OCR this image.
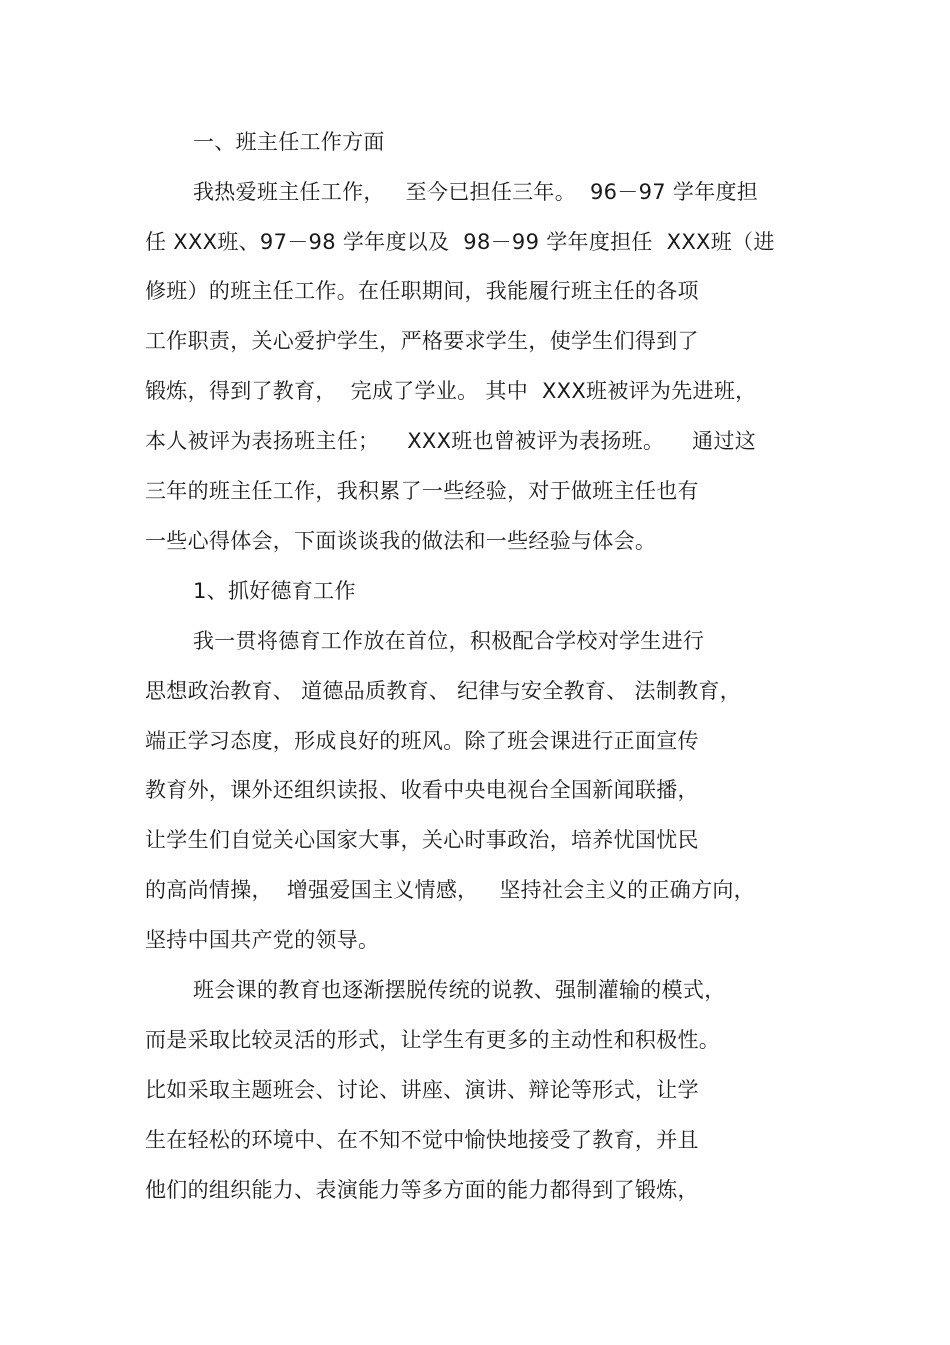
一、班主任工作方面
我热爱班主任工作，   至今已担任三年。  96－97 学年度担
任 XXX班、97－98 学年度以及  98－99 学年度担任  XXX班（进
修班）的班主任工作。在任职期间，我能履行班主任的各项
工作职责，关心爱护学生，严格要求学生，使学生们得到了
锻炼，得到了教育，  完成了学业。 其中  XXX班被评为先进班，
本人被评为表扬班主任；    XXX班也曾被评为表扬班。    通过这
三年的班主任工作，我积累了一些经验，对于做班主任也有
一些心得体会，下面谈谈我的做法和一些经验与体会。
1、抓好德育工作
我一贯将德育工作放在首位，积极配合学校对学生进行
思想政治教育、 道德品质教育、 纪律与安全教育、 法制教育，
端正学习态度，形成良好的班风。除了班会课进行正面宣传
教育外，课外还组织读报、收看中央电视台全国新闻联播，
让学生们自觉关心国家大事，关心时事政治，培养忧国忧民
的高尚情操，  增强爱国主义情感，   坚持社会主义的正确方向，
坚持中国共产党的领导。
班会课的教育也逐渐摆脱传统的说教、强制灌输的模式，
而是采取比较灵活的形式，让学生有更多的主动性和积极性。
比如采取主题班会、讨论、讲座、演讲、辩论等形式，让学
生在轻松的环境中、在不知不觉中愉快地接受了教育，并且
他们的组织能力、表演能力等多方面的能力都得到了锻炼，
